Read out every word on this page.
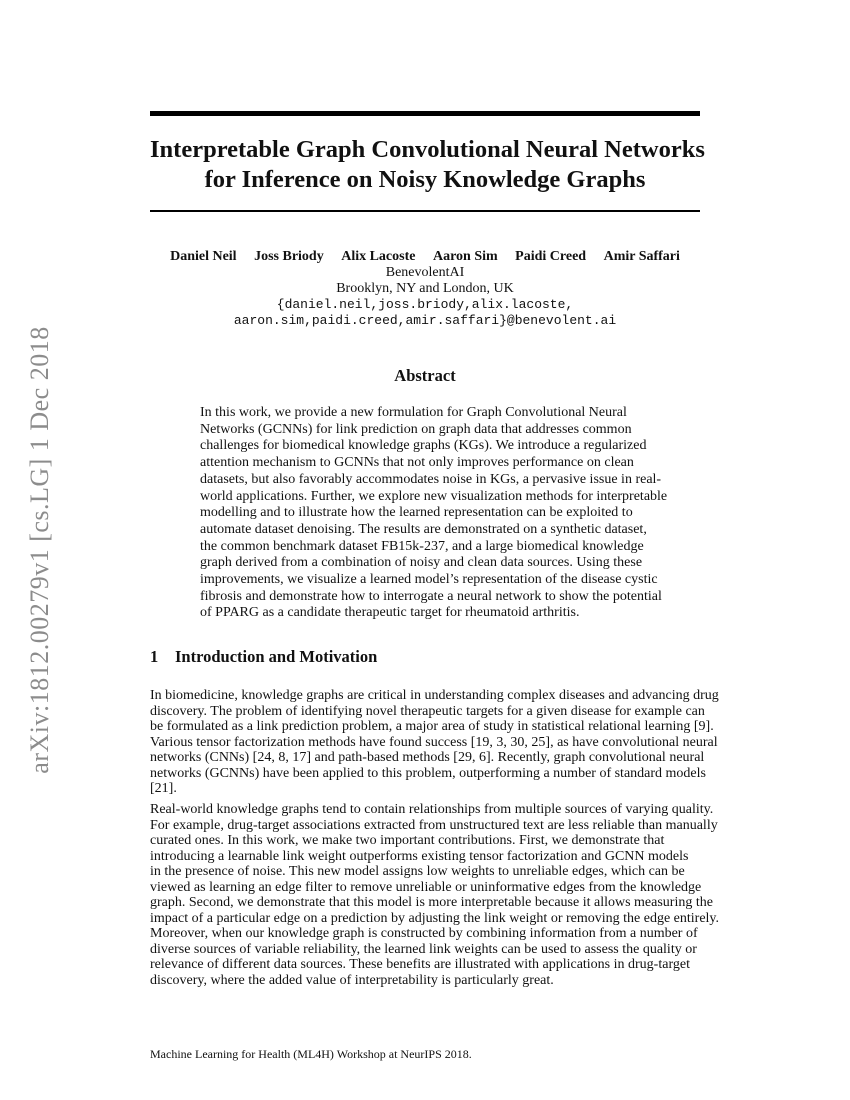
arXiv:1812.00279v1 [cs.LG] 1 Dec 2018
Interpretable Graph Convolutional Neural Networks
for Inference on Noisy Knowledge Graphs
Daniel Neil Joss Briody Alix Lacoste Aaron Sim Paidi Creed Amir Saffari
BenevolentAI
Brooklyn, NY and London, UK
{daniel.neil,joss.briody,alix.lacoste,
aaron.sim,paidi.creed,amir.saffari}@benevolent.ai
Abstract
In this work, we provide a new formulation for Graph Convolutional Neural
Networks (GCNNs) for link prediction on graph data that addresses common
challenges for biomedical knowledge graphs (KGs). We introduce a regularized
attention mechanism to GCNNs that not only improves performance on clean
datasets, but also favorably accommodates noise in KGs, a pervasive issue in real-
world applications. Further, we explore new visualization methods for interpretable
modelling and to illustrate how the learned representation can be exploited to
automate dataset denoising. The results are demonstrated on a synthetic dataset,
the common benchmark dataset FB15k-237, and a large biomedical knowledge
graph derived from a combination of noisy and clean data sources. Using these
improvements, we visualize a learned model’s representation of the disease cystic
fibrosis and demonstrate how to interrogate a neural network to show the potential
of PPARG as a candidate therapeutic target for rheumatoid arthritis.
1 Introduction and Motivation
In biomedicine, knowledge graphs are critical in understanding complex diseases and advancing drug
discovery. The problem of identifying novel therapeutic targets for a given disease for example can
be formulated as a link prediction problem, a major area of study in statistical relational learning [9].
Various tensor factorization methods have found success [19, 3, 30, 25], as have convolutional neural
networks (CNNs) [24, 8, 17] and path-based methods [29, 6]. Recently, graph convolutional neural
networks (GCNNs) have been applied to this problem, outperforming a number of standard models
[21].
Real-world knowledge graphs tend to contain relationships from multiple sources of varying quality.
For example, drug-target associations extracted from unstructured text are less reliable than manually
curated ones. In this work, we make two important contributions. First, we demonstrate that
introducing a learnable link weight outperforms existing tensor factorization and GCNN models
in the presence of noise. This new model assigns low weights to unreliable edges, which can be
viewed as learning an edge filter to remove unreliable or uninformative edges from the knowledge
graph. Second, we demonstrate that this model is more interpretable because it allows measuring the
impact of a particular edge on a prediction by adjusting the link weight or removing the edge entirely.
Moreover, when our knowledge graph is constructed by combining information from a number of
diverse sources of variable reliability, the learned link weights can be used to assess the quality or
relevance of different data sources. These benefits are illustrated with applications in drug-target
discovery, where the added value of interpretability is particularly great.
Machine Learning for Health (ML4H) Workshop at NeurIPS 2018.
